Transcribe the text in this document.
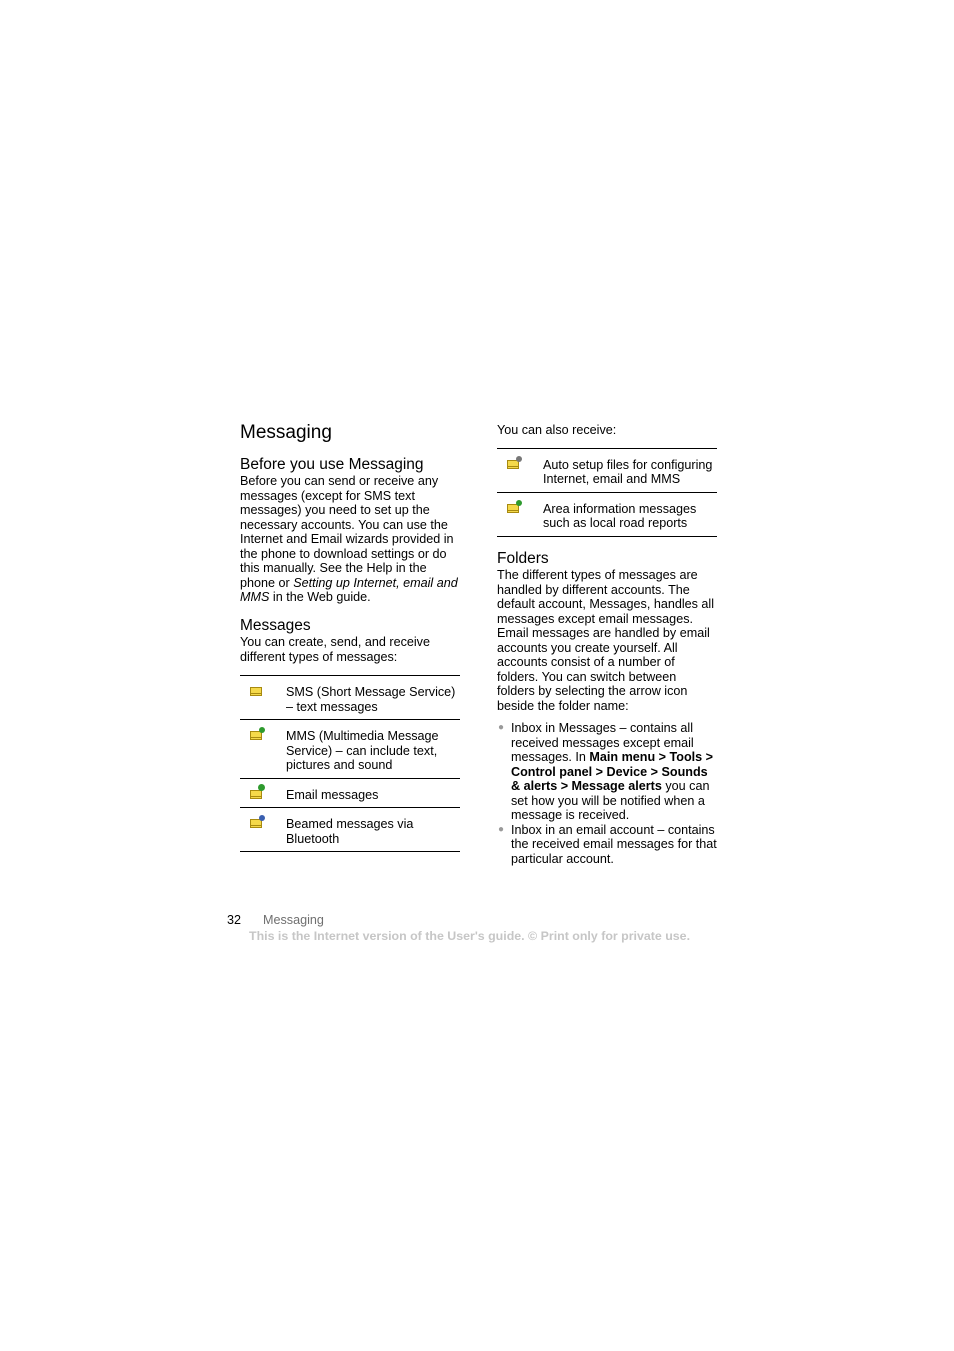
Messaging
Before you use Messaging

Before you can send or receive any messages (except for SMS text messages) you need to set up the necessary accounts. You can use the Internet and Email wizards provided in the phone to download settings or do this manually. See the Help in the phone or Setting up Internet, email and MMS in the Web guide.

Messages

You can create, send, and receive different types of messages:

	SMS (Short Message Service) – text messages

	MMS (Multimedia Message Service) – can include text, pictures and sound

	Email messages

	Beamed messages via Bluetooth

You can also receive:

	Auto setup files for configuring Internet, email and MMS

	Area information messages such as local road reports
Folders

The different types of messages are handled by different accounts. The default account, Messages, handles all messages except email messages. Email messages are handled by email accounts you create yourself. All accounts consist of a number of folders. You can switch between folders by selecting the arrow icon beside the folder name:

● Inbox in Messages – contains all received messages except email messages. In Main menu > Tools > Control panel > Device > Sounds & alerts > Message alerts you can set how you will be notified when a message is received.
● Inbox in an email account – contains the received email messages for that particular account.
32 Messaging
This is the Internet version of the User's guide. © Print only for private use.
